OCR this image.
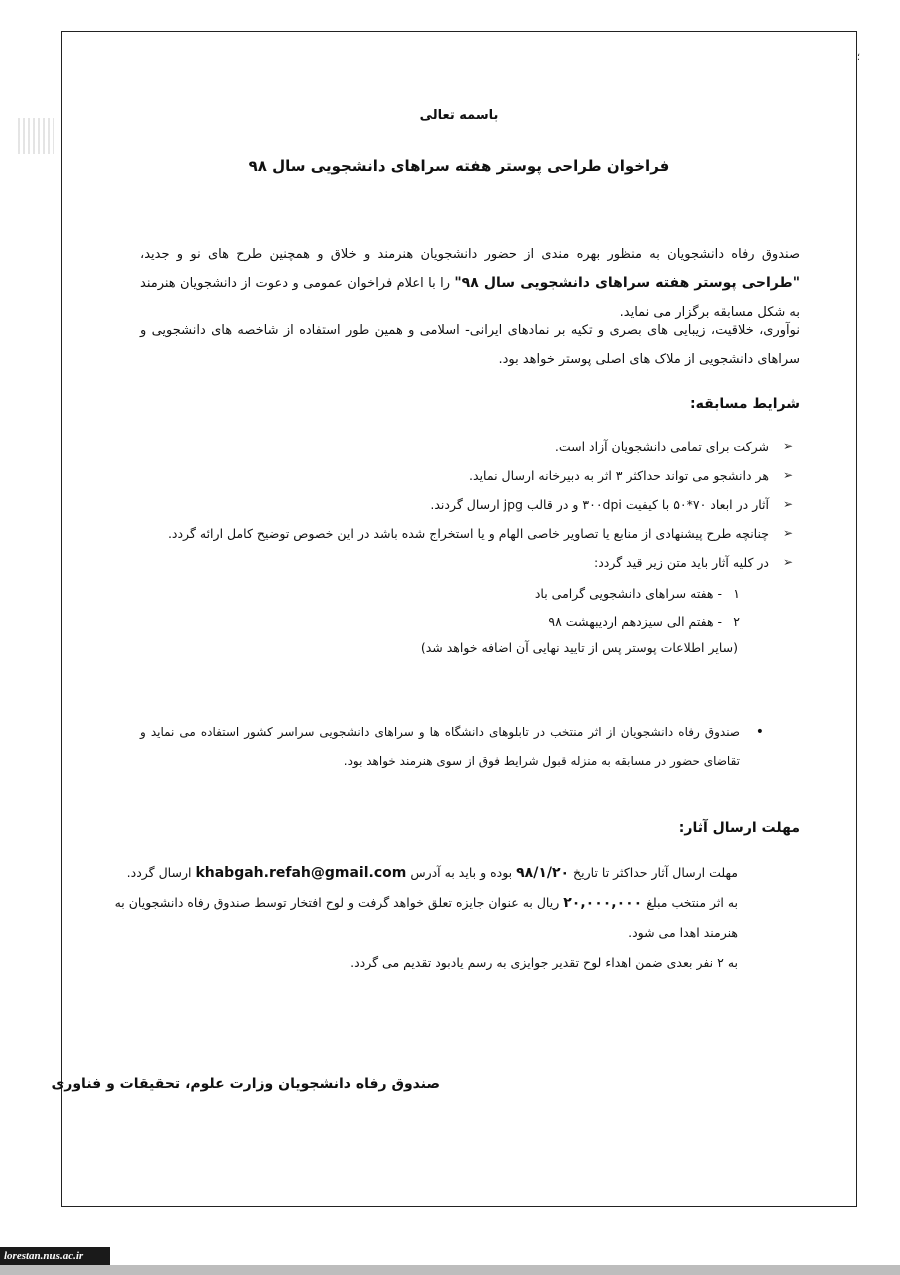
؛
باسمه تعالی
فراخوان طراحی پوستر هفته سراهای دانشجویی سال ۹۸
صندوق رفاه دانشجویان به منظور بهره مندی از حضور دانشجویان هنرمند و خلاق و همچنین طرح های نو و جدید، "طراحی پوستر هفته سراهای دانشجویی سال ۹۸" را با اعلام فراخوان عمومی و دعوت از دانشجویان هنرمند به شکل مسابقه برگزار می نماید.
نوآوری، خلاقیت، زیبایی های بصری و تکیه بر نمادهای ایرانی- اسلامی و همین طور استفاده از شاخصه های دانشجویی و سراهای دانشجویی از ملاک های اصلی پوستر خواهد بود.
شرایط مسابقه:
➢
شرکت برای تمامی دانشجویان آزاد است.
➢
هر دانشجو می تواند حداکثر ۳ اثر به دبیرخانه ارسال نماید.
➢
آثار در ابعاد ۷۰*۵۰ با کیفیت ۳۰۰dpi و در قالب jpg ارسال گردند.
➢
چنانچه طرح پیشنهادی از منابع یا تصاویر خاصی الهام و یا استخراج شده باشد در این خصوص توضیح کامل ارائه گردد.
➢
در کلیه آثار باید متن زیر قید گردد:
۱ - هفته سراهای دانشجویی گرامی باد
۲ - هفتم الی سیزدهم اردیبهشت ۹۸
(سایر اطلاعات پوستر پس از تایید نهایی آن اضافه خواهد شد)
•
صندوق رفاه دانشجویان از اثر منتخب در تابلوهای دانشگاه ها و سراهای دانشجویی سراسر کشور استفاده می نماید و تقاضای حضور در مسابقه به منزله قبول شرایط فوق از سوی هنرمند خواهد بود.
مهلت ارسال آثار:

مهلت ارسال آثار حداکثر تا تاریخ ۹۸/۱/۲۰ بوده و باید به آدرس khabgah.refah@gmail.com ارسال گردد.

به اثر منتخب مبلغ ۲۰,۰۰۰,۰۰۰ ریال به عنوان جایزه تعلق خواهد گرفت و لوح افتخار توسط صندوق رفاه دانشجویان به هنرمند اهدا می شود.

به ۲ نفر بعدی ضمن اهداء لوح تقدیر جوایزی به رسم یادبود تقدیم می گردد.

صندوق رفاه دانشجویان وزارت علوم، تحقیقات و فناوری
lorestan.nus.ac.ir
